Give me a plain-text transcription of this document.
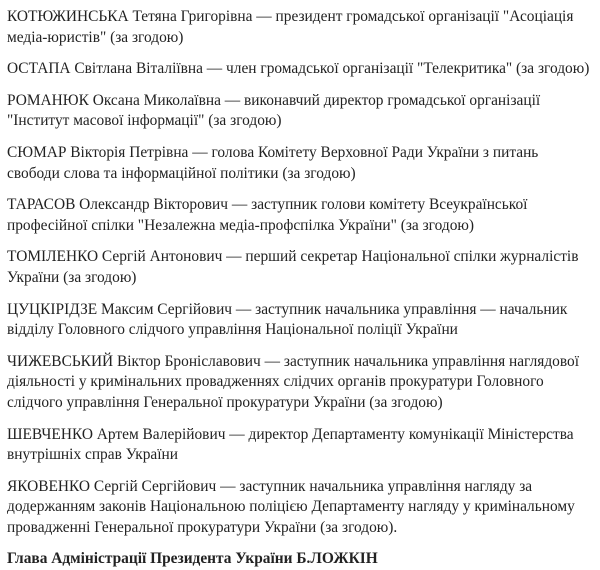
КОТЮЖИНСЬКА Тетяна Григорівна — президент громадської організації "Асоціація медіа-юристів" (за згодою)

ОСТАПА Світлана Віталіївна — член громадської організації "Телекритика" (за згодою)

РОМАНЮК Оксана Миколаївна — виконавчий директор громадської організації "Інститут масової інформації" (за згодою)

СЮМАР Вікторія Петрівна — голова Комітету Верховної Ради України з питань свободи слова та інформаційної політики (за згодою)

ТАРАСОВ Олександр Вікторович — заступник голови комітету Всеукраїнської професійної спілки "Незалежна медіа-профспілка України" (за згодою)

ТОМІЛЕНКО Сергій Антонович — перший секретар Національної спілки журналістів України (за згодою)

ЦУЦКІРІДЗЕ Максим Сергійович — заступник начальника управління — начальник відділу Головного слідчого управління Національної поліції України

ЧИЖЕВСЬКИЙ Віктор Броніславович — заступник начальника управління наглядової діяльності у кримінальних провадженнях слідчих органів прокуратури Головного слідчого управління Генеральної прокуратури України (за згодою)

ШЕВЧЕНКО Артем Валерійович — директор Департаменту комунікації Міністерства внутрішніх справ України

ЯКОВЕНКО Сергій Сергійович — заступник начальника управління нагляду за додержанням законів Національною поліцією Департаменту нагляду у кримінальному провадженні Генеральної прокуратури України (за згодою).

Глава Адміністрації Президента України Б.ЛОЖКІН
